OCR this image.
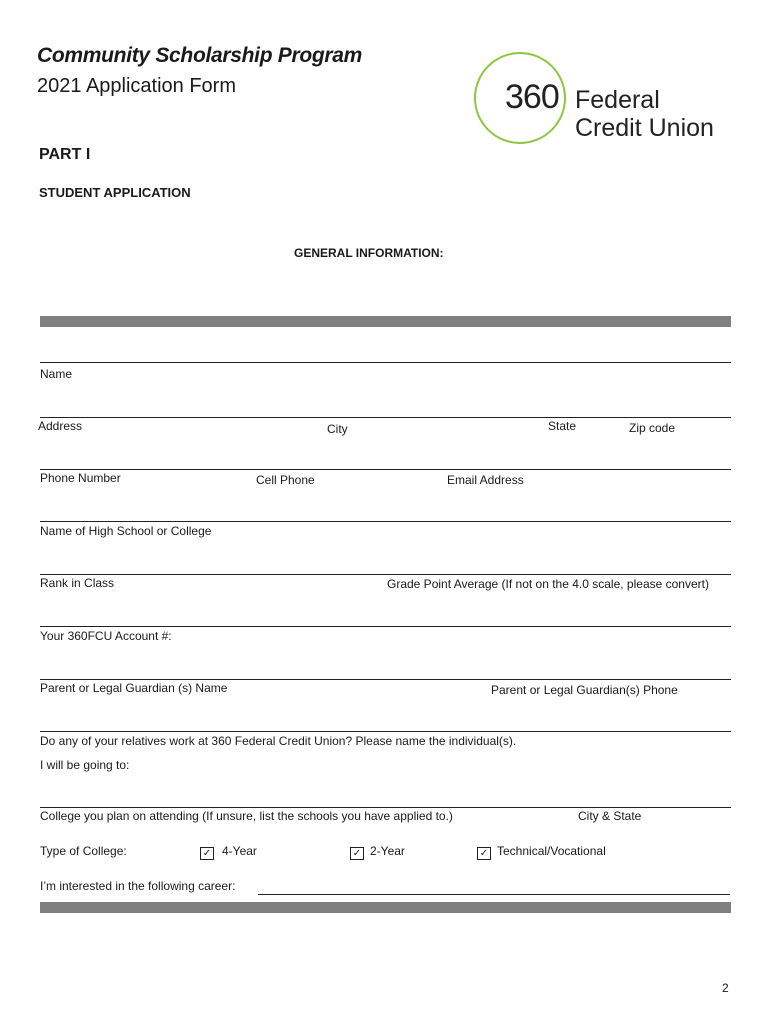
Community Scholarship Program
2021 Application Form	360 Federal
Credit Union
PART I
STUDENT APPLICATION
GENERAL INFORMATION:
Name
Address	City	State	Zip code
Phone Number	Cell Phone	Email Address
Name of High School or College
Rank in Class	Grade Point Average (If not on the 4.0 scale, please convert)
Your 360FCU Account #:
Parent or Legal Guardian (s) Name	Parent or Legal Guardian(s) Phone
Do any of your relatives work at 360 Federal Credit Union? Please name the individual(s).
I will be going to:
College you plan on attending (If unsure, list the schools you have applied to.)	City & State
Type of College:	✓ 4-Year	✓ 2-Year	✓ Technical/Vocational
I’m interested in the following career:
2
